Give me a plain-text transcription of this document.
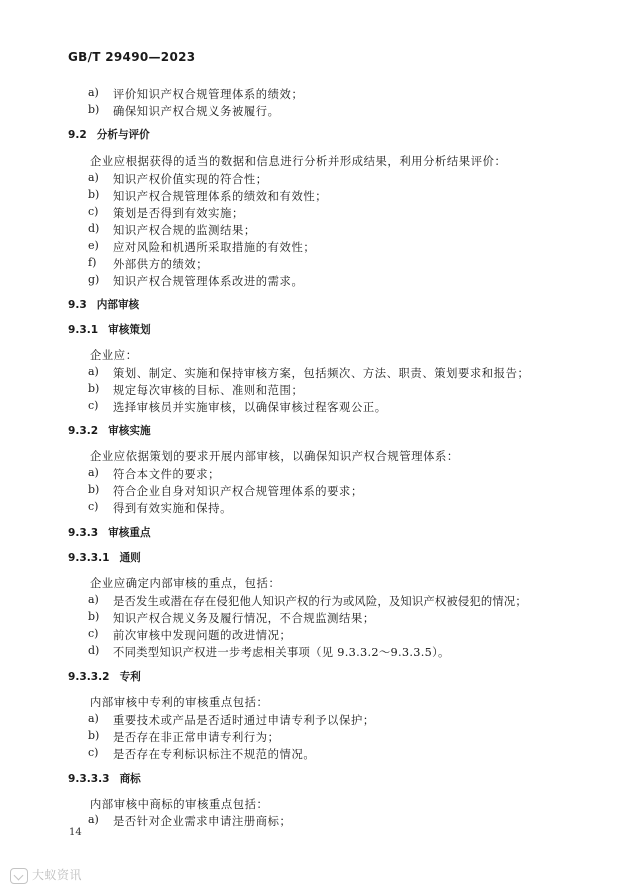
GB/T 29490—2023
a) 评价知识产权合规管理体系的绩效；
b) 确保知识产权合规义务被履行。
9.2 分析与评价
企业应根据获得的适当的数据和信息进行分析并形成结果，利用分析结果评价：
a) 知识产权价值实现的符合性；
b) 知识产权合规管理体系的绩效和有效性；
c) 策划是否得到有效实施；
d) 知识产权合规的监测结果；
e) 应对风险和机遇所采取措施的有效性；
f) 外部供方的绩效；
g) 知识产权合规管理体系改进的需求。
9.3 内部审核
9.3.1 审核策划
企业应：
a) 策划、制定、实施和保持审核方案，包括频次、方法、职责、策划要求和报告；
b) 规定每次审核的目标、准则和范围；
c) 选择审核员并实施审核，以确保审核过程客观公正。
9.3.2 审核实施
企业应依据策划的要求开展内部审核，以确保知识产权合规管理体系：
a) 符合本文件的要求；
b) 符合企业自身对知识产权合规管理体系的要求；
c) 得到有效实施和保持。
9.3.3 审核重点
9.3.3.1 通则
企业应确定内部审核的重点，包括：
a) 是否发生或潜在存在侵犯他人知识产权的行为或风险，及知识产权被侵犯的情况；
b) 知识产权合规义务及履行情况，不合规监测结果；
c) 前次审核中发现问题的改进情况；
d) 不同类型知识产权进一步考虑相关事项（见 9.3.3.2～9.3.3.5）。
9.3.3.2 专利
内部审核中专利的审核重点包括：
a) 重要技术或产品是否适时通过申请专利予以保护；
b) 是否存在非正常申请专利行为；
c) 是否存在专利标识标注不规范的情况。
9.3.3.3 商标
内部审核中商标的审核重点包括：
a) 是否针对企业需求申请注册商标；
14
大蚁资讯
